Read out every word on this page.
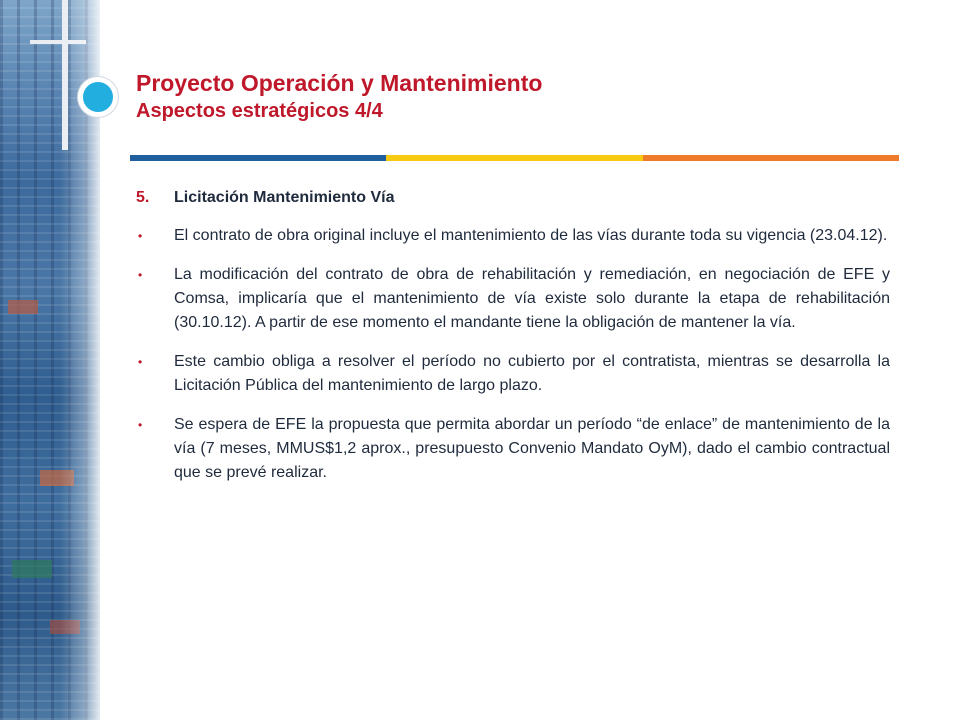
Proyecto Operación y Mantenimiento
Aspectos estratégicos 4/4
5.	Licitación Mantenimiento Vía
•	El contrato de obra original incluye el mantenimiento de las vías durante toda su vigencia (23.04.12).
•	La modificación del contrato de obra de rehabilitación y remediación, en negociación de EFE y Comsa, implicaría que el mantenimiento de vía existe solo durante la etapa de rehabilitación (30.10.12). A partir de ese momento el mandante tiene la obligación de mantener la vía.
•	Este cambio obliga a resolver el período no cubierto por el contratista, mientras se desarrolla la Licitación Pública del mantenimiento de largo plazo.
•	Se espera de EFE la propuesta que permita abordar un período “de enlace” de mantenimiento de la vía (7 meses, MMUS$1,2 aprox., presupuesto Convenio Mandato OyM), dado el cambio contractual que se prevé realizar.
